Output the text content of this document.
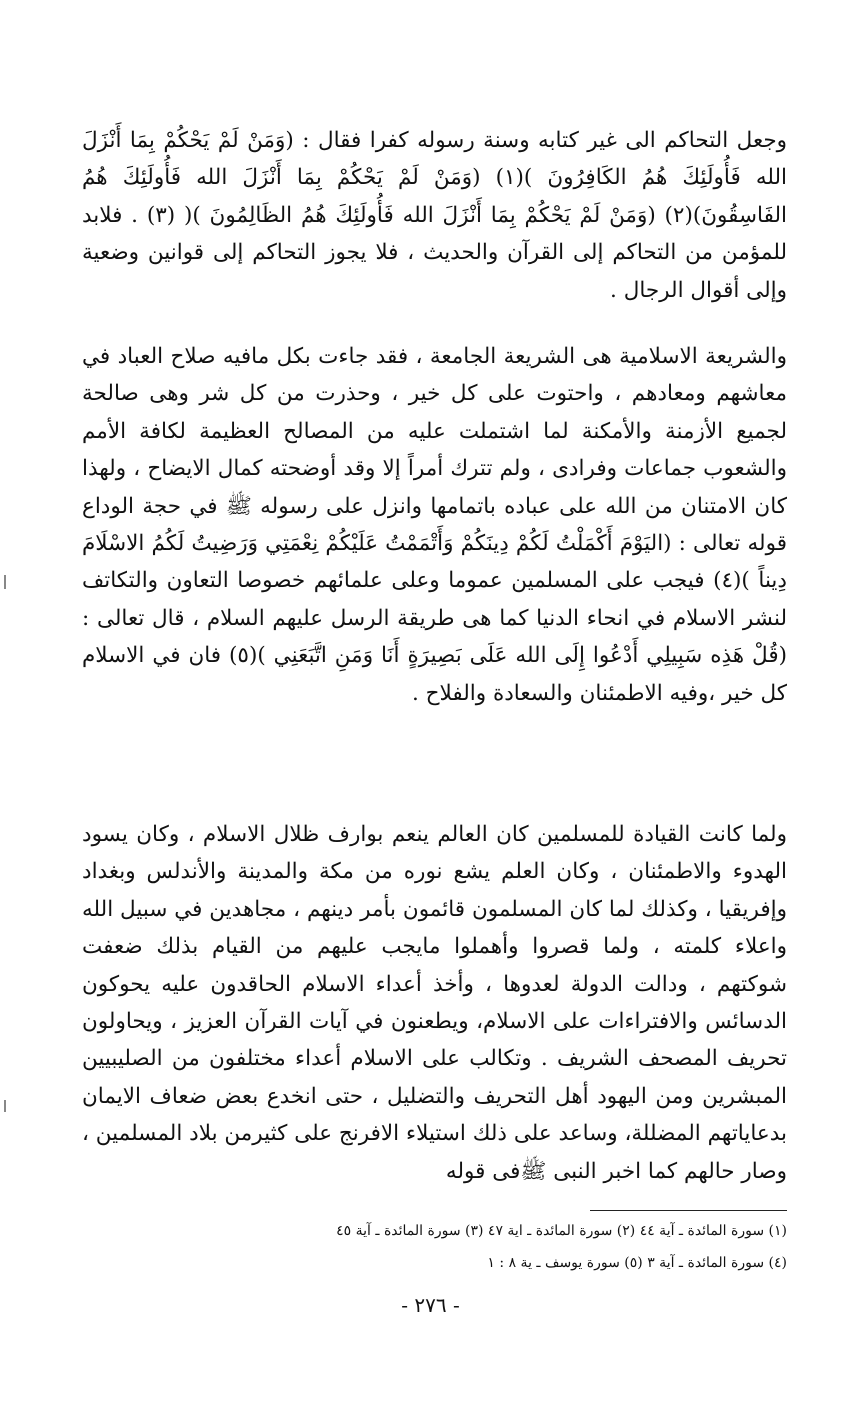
وجعل التحاكم الى غير كتابه وسنة رسوله كفرا فقال : (وَمَنْ لَمْ يَحْكُمْ بِمَا أَنْزَلَ الله فَأُولَئِكَ هُمُ الكَافِرُونَ )(١) (وَمَنْ لَمْ يَحْكُمْ بِمَا أَنْزَلَ الله فَأُولَئِكَ هُمُ الفَاسِقُونَ)(٢) (وَمَنْ لَمْ يَحْكُمْ بِمَا أَنْزَلَ الله فَأُولَئِكَ هُمُ الظَالِمُونَ )( (٣) . فلابد للمؤمن من التحاكم إلى القرآن والحديث ، فلا يجوز التحاكم إلى قوانين وضعية وإلى أقوال الرجال .

والشريعة الاسلامية هى الشريعة الجامعة ، فقد جاءت بكل مافيه صلاح العباد في معاشهم ومعادهم ، واحتوت على كل خير ، وحذرت من كل شر وهى صالحة لجميع الأزمنة والأمكنة لما اشتملت عليه من المصالح العظيمة لكافة الأمم والشعوب جماعات وفرادى ، ولم تترك أمراً إلا وقد أوضحته كمال الايضاح ، ولهذا كان الامتنان من الله على عباده باتمامها وانزل على رسوله ﷺ في حجة الوداع قوله تعالى : (اليَوْمَ أَكْمَلْتُ لَكُمْ دِينَكُمْ وَأَتْمَمْتُ عَلَيْكُمْ نِعْمَتِي وَرَضِيتُ لَكُمُ الاسْلَامَ دِيناً )(٤) فيجب على المسلمين عموما وعلى علمائهم خصوصا التعاون والتكاتف لنشر الاسلام في انحاء الدنيا كما هى طريقة الرسل عليهم السلام ، قال تعالى : (قُلْ هَذِه سَبِيلِي أَدْعُوا إِلَى الله عَلَى بَصِيرَةٍ أَنَا وَمَنِ اتَّبَعَنِي )(٥) فان في الاسلام كل خير ،وفيه الاطمئنان والسعادة والفلاح .

ولما كانت القيادة للمسلمين كان العالم ينعم بوارف ظلال الاسلام ، وكان يسود الهدوء والاطمئنان ، وكان العلم يشع نوره من مكة والمدينة والأندلس وبغداد وإفريقيا ، وكذلك لما كان المسلمون قائمون بأمر دينهم ، مجاهدين في سبيل الله واعلاء كلمته ، ولما قصروا وأهملوا مايجب عليهم من القيام بذلك ضعفت شوكتهم ، ودالت الدولة لعدوها ، وأخذ أعداء الاسلام الحاقدون عليه يحوكون الدسائس والافتراءات على الاسلام، ويطعنون في آيات القرآن العزيز ، ويحاولون تحريف المصحف الشريف . وتكالب على الاسلام أعداء مختلفون من الصليبيين المبشرين ومن اليهود أهل التحريف والتضليل ، حتى انخدع بعض ضعاف الايمان بدعاياتهم المضللة، وساعد على ذلك استيلاء الافرنج على كثيرمن بلاد المسلمين ، وصار حالهم كما اخبر النبى ﷺفى قوله

(١) سورة المائدة ـ آية ٤٤ (٢) سورة المائدة ـ اية ٤٧ (٣) سورة المائدة ـ آية ٤٥
(٤) سورة المائدة ـ آية ٣ (٥) سورة يوسف ـ ية ٨ : ١
- ٢٧٦ -
